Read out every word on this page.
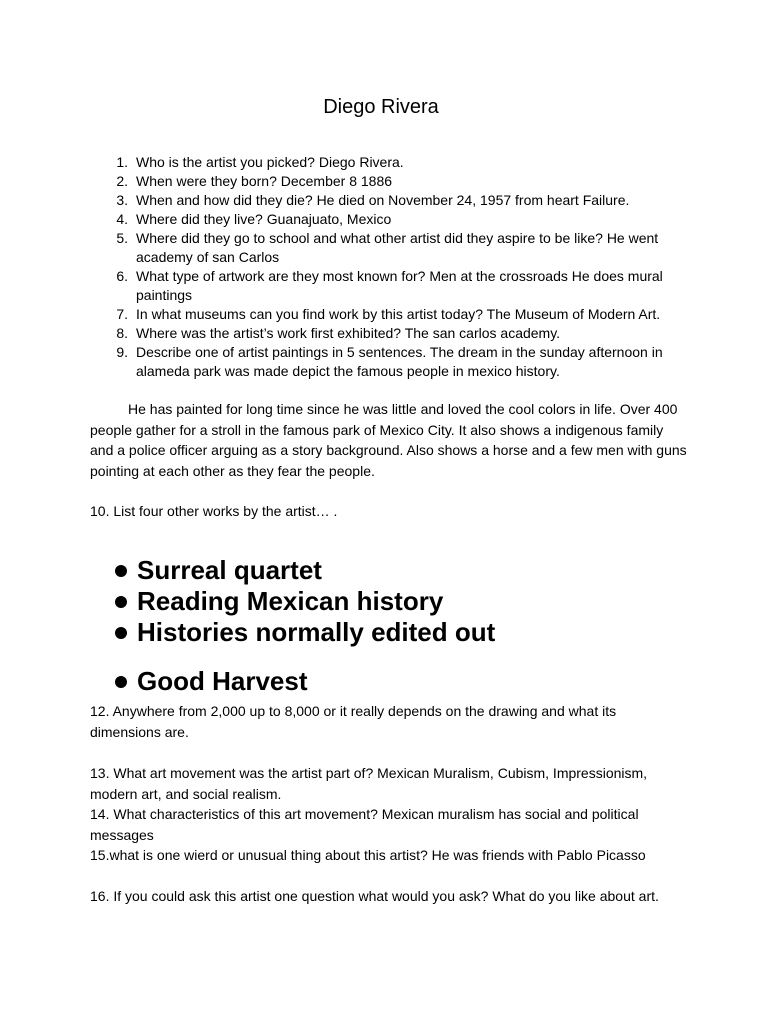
Diego Rivera
1. Who is the artist you picked? Diego Rivera.
2. When were they born? December 8 1886
3. When and how did they die? He died on November 24, 1957 from heart Failure.
4. Where did they live? Guanajuato, Mexico
5. Where did they go to school and what other artist did they aspire to be like? He went academy of san Carlos
6. What type of artwork are they most known for? Men at the crossroads He does mural paintings
7. In what museums can you find work by this artist today? The Museum of Modern Art.
8. Where was the artist’s work first exhibited? The san carlos academy.
9. Describe one of artist paintings in 5 sentences. The dream in the sunday afternoon in alameda park was made depict the famous people in mexico history.

He has painted for long time since he was little and loved the cool colors in life. Over 400 people gather for a stroll in the famous park of Mexico City. It also shows a indigenous family and a police officer arguing as a story background. Also shows a horse and a few men with guns pointing at each other as they fear the people.

10. List four other works by the artist… .

Surreal quartet
Reading Mexican history
Histories normally edited out
Good Harvest

12. Anywhere from 2,000 up to 8,000 or it really depends on the drawing and what its dimensions are.

13. What art movement was the artist part of? Mexican Muralism, Cubism, Impressionism, modern art, and social realism.

14. What characteristics of this art movement? Mexican muralism has social and political messages

15.what is one wierd or unusual thing about this artist? He was friends with Pablo Picasso

16. If you could ask this artist one question what would you ask? What do you like about art.
